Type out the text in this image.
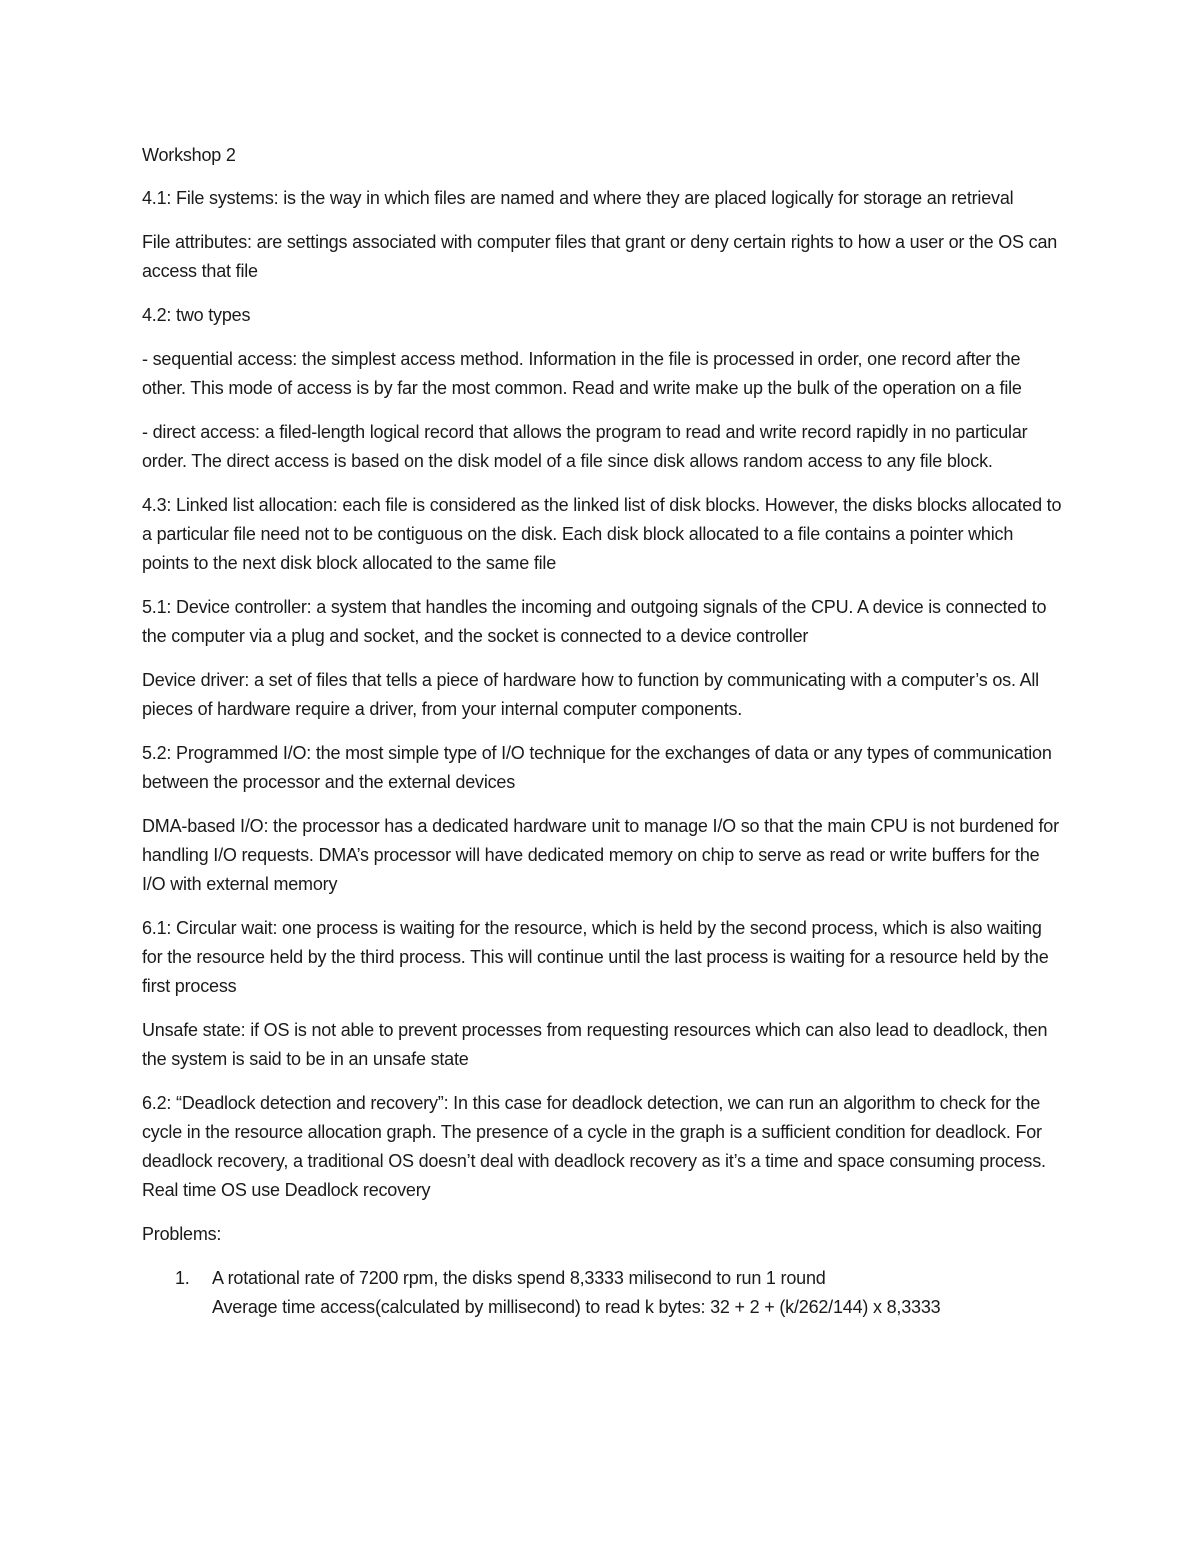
Workshop 2

4.1: File systems: is the way in which files are named and where they are placed logically for storage an retrieval

File attributes: are settings associated with computer files that grant or deny certain rights to how a user or the OS can access that file

4.2: two types

- sequential access: the simplest access method. Information in the file is processed in order, one record after the other. This mode of access is by far the most common. Read and write make up the bulk of the operation on a file

- direct access: a filed-length logical record that allows the program to read and write record rapidly in no particular order. The direct access is based on the disk model of a file since disk allows random access to any file block.

4.3: Linked list allocation: each file is considered as the linked list of disk blocks. However, the disks blocks allocated to a particular file need not to be contiguous on the disk. Each disk block allocated to a file contains a pointer which points to the next disk block allocated to the same file

5.1: Device controller: a system that handles the incoming and outgoing signals of the CPU. A device is connected to the computer via a plug and socket, and the socket is connected to a device controller

Device driver: a set of files that tells a piece of hardware how to function by communicating with a computer’s os. All pieces of hardware require a driver, from your internal computer components.

5.2: Programmed I/O: the most simple type of I/O technique for the exchanges of data or any types of communication between the processor and the external devices

DMA-based I/O: the processor has a dedicated hardware unit to manage I/O so that the main CPU is not burdened for handling I/O requests. DMA’s processor will have dedicated memory on chip to serve as read or write buffers for the I/O with external memory

6.1: Circular wait: one process is waiting for the resource, which is held by the second process, which is also waiting for the resource held by the third process. This will continue until the last process is waiting for a resource held by the first process

Unsafe state: if OS is not able to prevent processes from requesting resources which can also lead to deadlock, then the system is said to be in an unsafe state

6.2: “Deadlock detection and recovery”: In this case for deadlock detection, we can run an algorithm to check for the cycle in the resource allocation graph. The presence of a cycle in the graph is a sufficient condition for deadlock. For deadlock recovery, a traditional OS doesn’t deal with deadlock recovery as it’s a time and space consuming process. Real time OS use Deadlock recovery

Problems:

1. A rotational rate of 7200 rpm, the disks spend 8,3333 milisecond to run 1 round
Average time access(calculated by millisecond) to read k bytes: 32 + 2 + (k/262/144) x 8,3333
